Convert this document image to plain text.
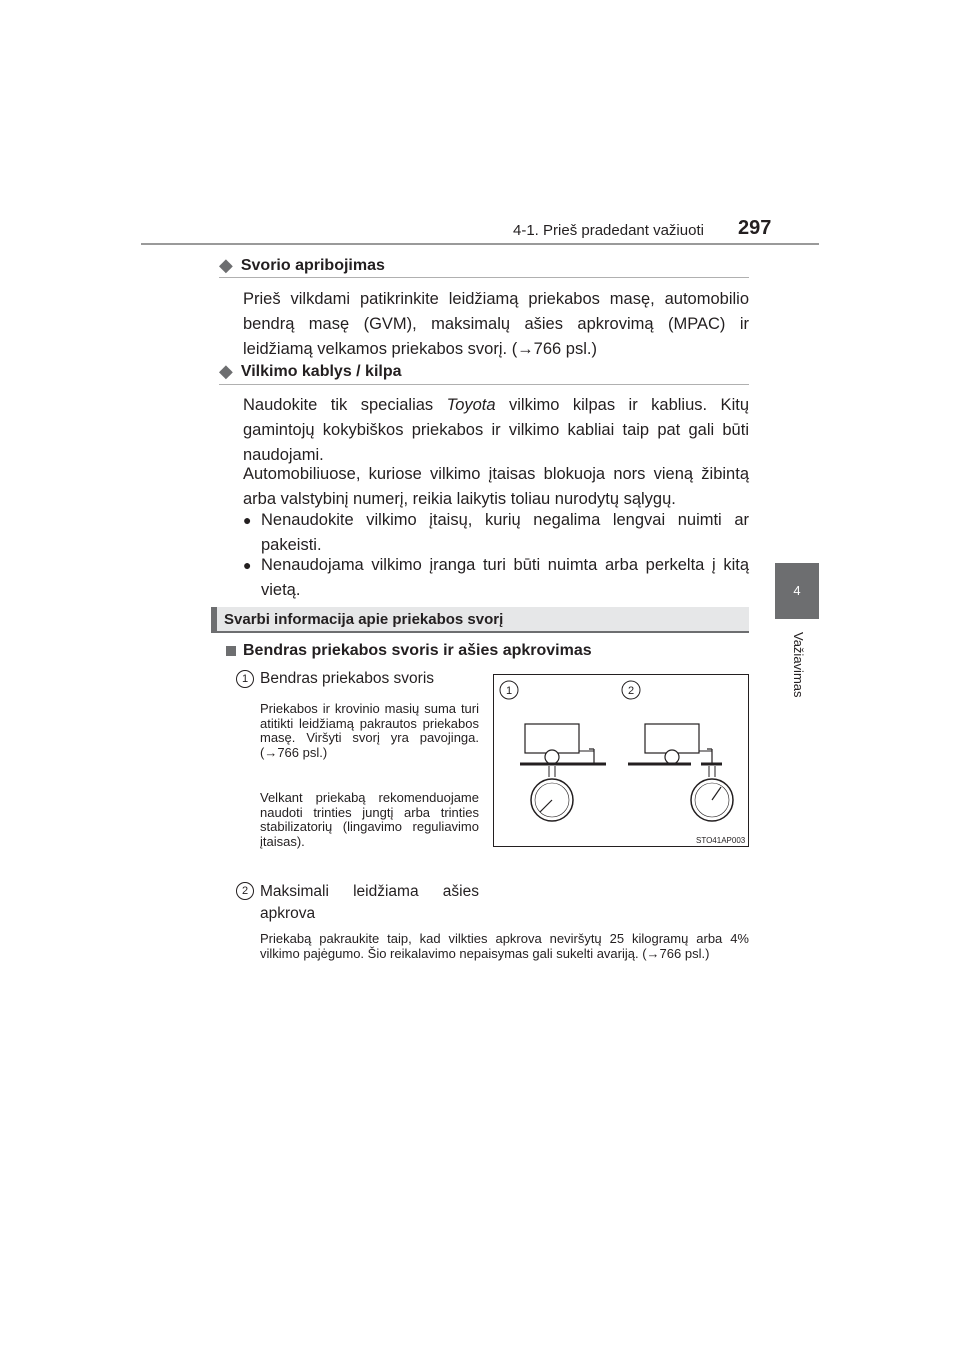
4-1. Prieš pradedant važiuoti 297
4
Važiavimas
◆ Svorio apribojimas
Prieš vilkdami patikrinkite leidžiamą priekabos masę, automobilio bendrą masę (GVM), maksimalų ašies apkrovimą (MPAC) ir leidžiamą velkamos priekabos svorį. (→766 psl.)
◆ Vilkimo kablys / kilpa
Naudokite tik specialias Toyota vilkimo kilpas ir kablius. Kitų gamintojų kokybiškos priekabos ir vilkimo kabliai taip pat gali būti naudojami.
Automobiliuose, kuriose vilkimo įtaisas blokuoja nors vieną žibintą arba valstybinį numerį, reikia laikytis toliau nurodytų sąlygų.
● Nenaudokite vilkimo įtaisų, kurių negalima lengvai nuimti ar pakeisti.
● Nenaudojama vilkimo įranga turi būti nuimta arba perkelta į kitą vietą.
Svarbi informacija apie priekabos svorį
Bendras priekabos svoris ir ašies apkrovimas
1 Bendras priekabos svoris
Priekabos ir krovinio masių suma turi atitikti leidžiamą pakrautos priekabos masę. Viršyti svorį yra pavojinga. (→766 psl.)
Velkant priekabą rekomenduojame naudoti trinties jungtį arba trinties stabilizatorių (lingavimo reguliavimo įtaisas).
2 Maksimali leidžiama ašies apkrova
Priekabą pakraukite taip, kad vilkties apkrova neviršytų 25 kilogramų arba 4% vilkimo pajėgumo. Šio reikalavimo nepaisymas gali sukelti avariją. (→766 psl.)
1	2
STO41AP003
